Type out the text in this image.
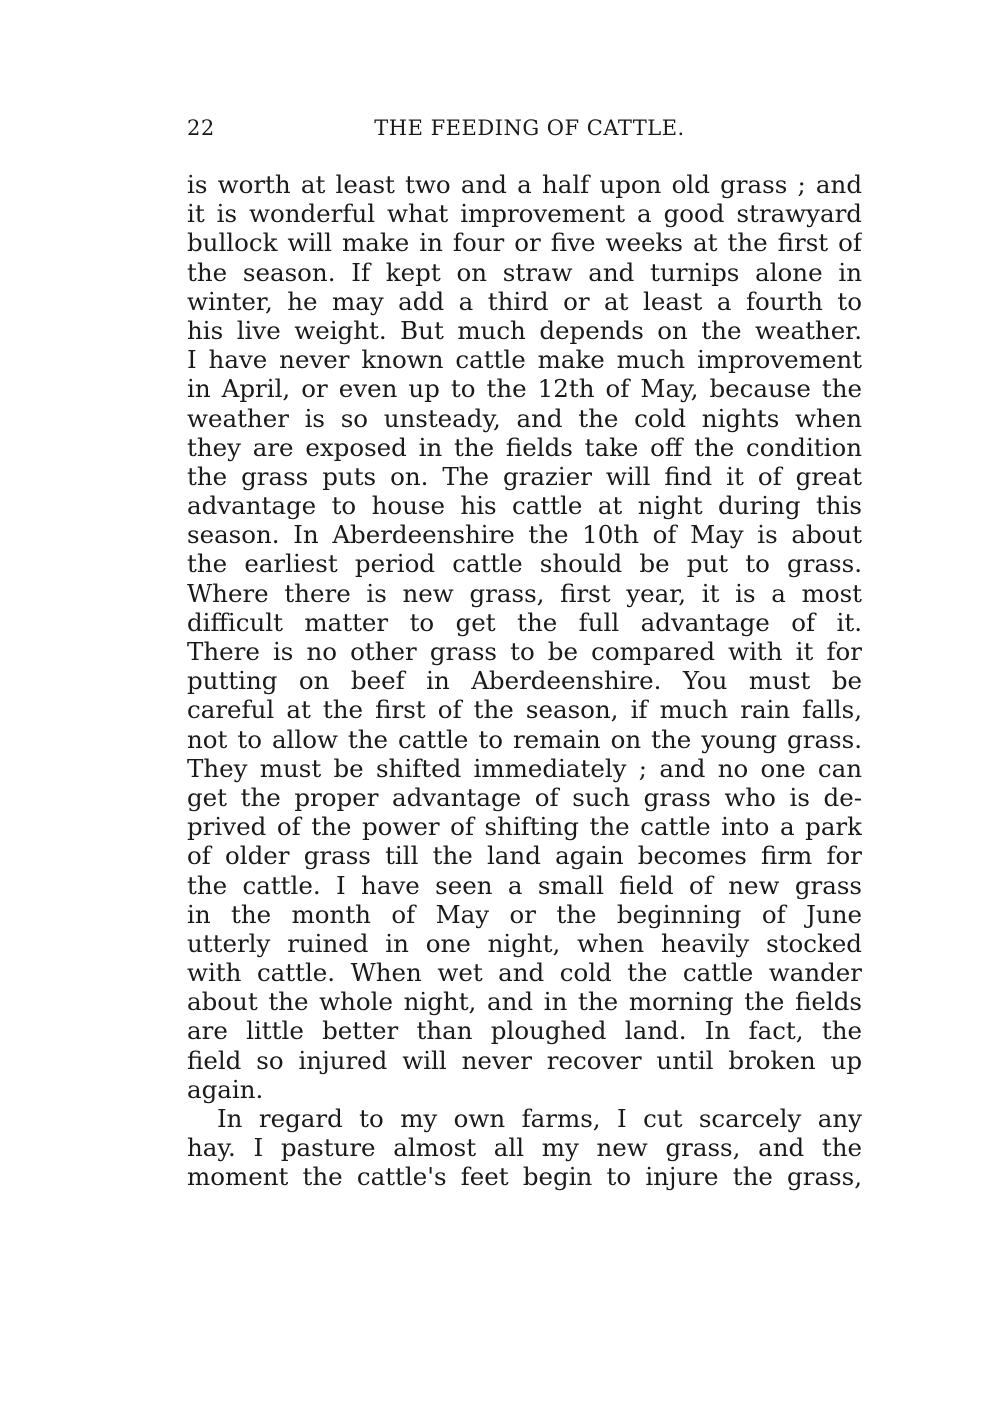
22	THE FEEDING OF CATTLE.
is worth at least two and a half upon old grass ; and
it is wonderful what improvement a good strawyard
bullock will make in four or five weeks at the first of
the season. If kept on straw and turnips alone in
winter, he may add a third or at least a fourth to
his live weight. But much depends on the weather.
I have never known cattle make much improvement
in April, or even up to the 12th of May, because the
weather is so unsteady, and the cold nights when
they are exposed in the fields take off the condition
the grass puts on. The grazier will find it of great
advantage to house his cattle at night during this
season. In Aberdeenshire the 10th of May is about
the earliest period cattle should be put to grass.
Where there is new grass, first year, it is a most
difficult matter to get the full advantage of it.
There is no other grass to be compared with it for
putting on beef in Aberdeenshire. You must be
careful at the first of the season, if much rain falls,
not to allow the cattle to remain on the young grass.
They must be shifted immediately ; and no one can
get the proper advantage of such grass who is de-
prived of the power of shifting the cattle into a park
of older grass till the land again becomes firm for
the cattle. I have seen a small field of new grass
in the month of May or the beginning of June
utterly ruined in one night, when heavily stocked
with cattle. When wet and cold the cattle wander
about the whole night, and in the morning the fields
are little better than ploughed land. In fact, the
field so injured will never recover until broken up
again.
In regard to my own farms, I cut scarcely any
hay. I pasture almost all my new grass, and the
moment the cattle's feet begin to injure the grass,
